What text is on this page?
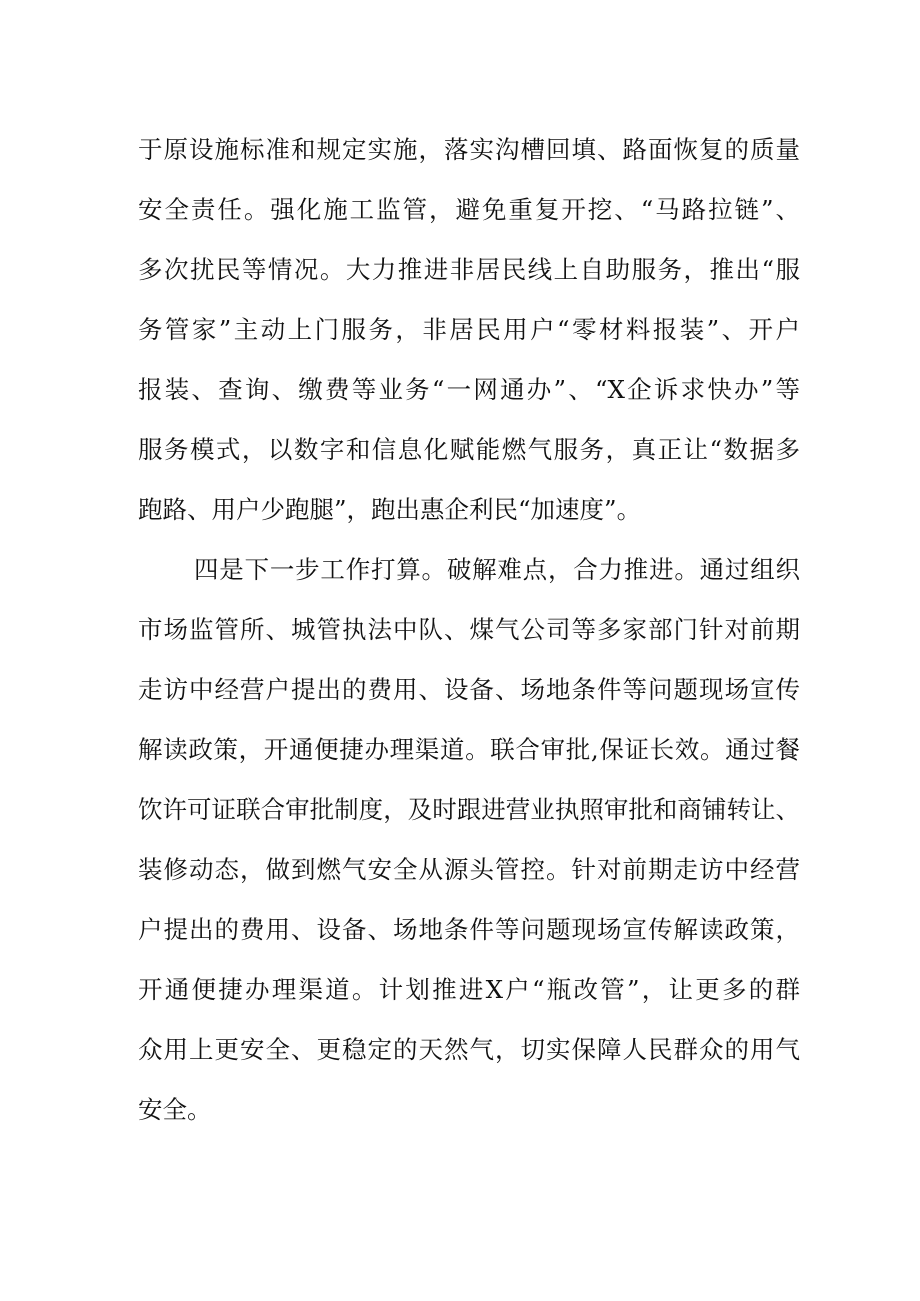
于原设施标准和规定实施，落实沟槽回填、路面恢复的质量
安全责任。强化施工监管，避免重复开挖、“马路拉链”、
多次扰民等情况。大力推进非居民线上自助服务，推出“服
务管家”主动上门服务，非居民用户“零材料报装”、开户
报装、查询、缴费等业务“一网通办”、“X企诉求快办”等
服务模式，以数字和信息化赋能燃气服务，真正让“数据多
跑路、用户少跑腿”，跑出惠企利民“加速度”。
四是下一步工作打算。破解难点，合力推进。通过组织
市场监管所、城管执法中队、煤气公司等多家部门针对前期
走访中经营户提出的费用、设备、场地条件等问题现场宣传
解读政策，开通便捷办理渠道。联合审批,保证长效。通过餐
饮许可证联合审批制度，及时跟进营业执照审批和商铺转让、
装修动态，做到燃气安全从源头管控。针对前期走访中经营
户提出的费用、设备、场地条件等问题现场宣传解读政策，
开通便捷办理渠道。计划推进X户“瓶改管”，让更多的群
众用上更安全、更稳定的天然气，切实保障人民群众的用气
安全。
